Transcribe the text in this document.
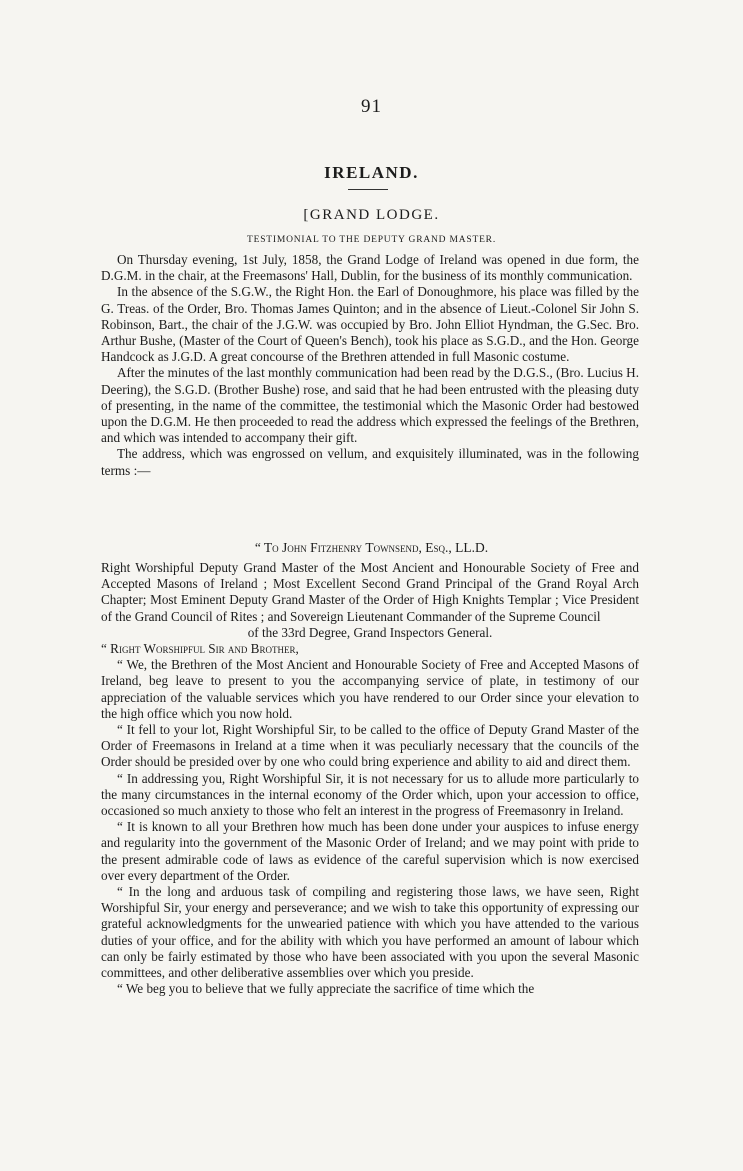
91
IRELAND.
[GRAND LODGE.
TESTIMONIAL TO THE DEPUTY GRAND MASTER.

On Thursday evening, 1st July, 1858, the Grand Lodge of Ireland was opened in due form, the D.G.M. in the chair, at the Freemasons' Hall, Dublin, for the business of its monthly communication.

In the absence of the S.G.W., the Right Hon. the Earl of Donoughmore, his place was filled by the G. Treas. of the Order, Bro. Thomas James Quinton; and in the absence of Lieut.-Colonel Sir John S. Robinson, Bart., the chair of the J.G.W. was occupied by Bro. John Elliot Hyndman, the G.Sec. Bro. Arthur Bushe, (Master of the Court of Queen's Bench), took his place as S.G.D., and the Hon. George Handcock as J.G.D. A great concourse of the Brethren attended in full Masonic costume.

After the minutes of the last monthly communication had been read by the D.G.S., (Bro. Lucius H. Deering), the S.G.D. (Brother Bushe) rose, and said that he had been entrusted with the pleasing duty of presenting, in the name of the committee, the testimonial which the Masonic Order had bestowed upon the D.G.M. He then proceeded to read the address which expressed the feelings of the Brethren, and which was intended to accompany their gift.

The address, which was engrossed on vellum, and exquisitely illuminated, was in the following terms :—

“ To John Fitzhenry Townsend, Esq., LL.D.

Right Worshipful Deputy Grand Master of the Most Ancient and Honourable Society of Free and Accepted Masons of Ireland ; Most Excellent Second Grand Principal of the Grand Royal Arch Chapter; Most Eminent Deputy Grand Master of the Order of High Knights Templar ; Vice President of the Grand Council of Rites ; and Sovereign Lieutenant Commander of the Supreme Council

of the 33rd Degree, Grand Inspectors General.

“ Right Worshipful Sir and Brother,

“ We, the Brethren of the Most Ancient and Honourable Society of Free and Accepted Masons of Ireland, beg leave to present to you the accompanying service of plate, in testimony of our appreciation of the valuable services which you have rendered to our Order since your elevation to the high office which you now hold.

“ It fell to your lot, Right Worshipful Sir, to be called to the office of Deputy Grand Master of the Order of Freemasons in Ireland at a time when it was peculiarly necessary that the councils of the Order should be presided over by one who could bring experience and ability to aid and direct them.

“ In addressing you, Right Worshipful Sir, it is not necessary for us to allude more particularly to the many circumstances in the internal economy of the Order which, upon your accession to office, occasioned so much anxiety to those who felt an interest in the progress of Freemasonry in Ireland.

“ It is known to all your Brethren how much has been done under your auspices to infuse energy and regularity into the government of the Masonic Order of Ireland; and we may point with pride to the present admirable code of laws as evidence of the careful supervision which is now exercised over every department of the Order.

“ In the long and arduous task of compiling and registering those laws, we have seen, Right Worshipful Sir, your energy and perseverance; and we wish to take this opportunity of expressing our grateful acknowledgments for the unwearied patience with which you have attended to the various duties of your office, and for the ability with which you have performed an amount of labour which can only be fairly estimated by those who have been associated with you upon the several Masonic committees, and other deliberative assemblies over which you preside.

“ We beg you to believe that we fully appreciate the sacrifice of time which the
